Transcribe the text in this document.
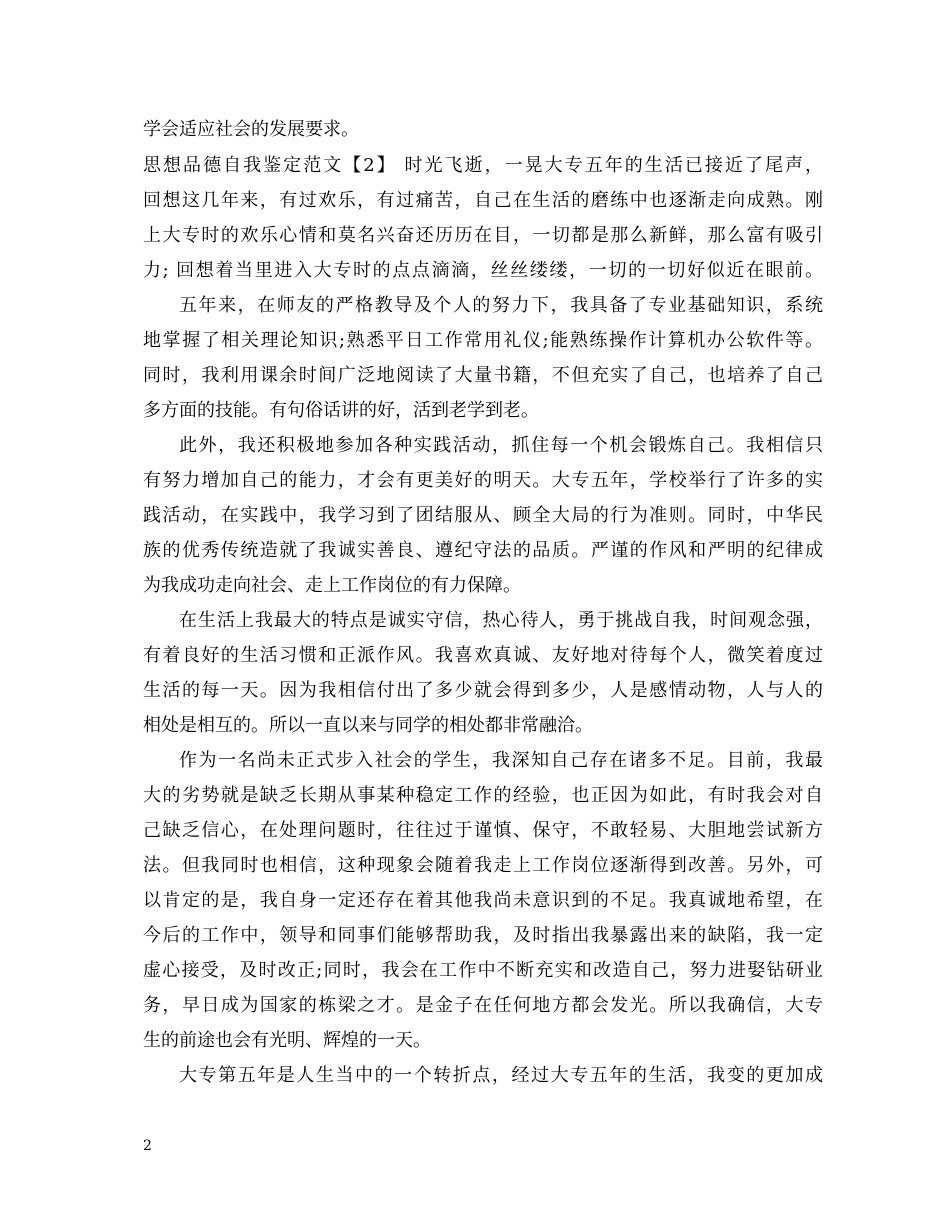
学会适应社会的发展要求。
思想品德自我鉴定范文【2】 时光飞逝，一晃大专五年的生活已接近了尾声，
回想这几年来，有过欢乐，有过痛苦，自己在生活的磨练中也逐渐走向成熟。刚
上大专时的欢乐心情和莫名兴奋还历历在目，一切都是那么新鲜，那么富有吸引
力; 回想着当里进入大专时的点点滴滴，丝丝缕缕，一切的一切好似近在眼前。
五年来，在师友的严格教导及个人的努力下，我具备了专业基础知识，系统
地掌握了相关理论知识;熟悉平日工作常用礼仪;能熟练操作计算机办公软件等。
同时，我利用课余时间广泛地阅读了大量书籍，不但充实了自己，也培养了自己
多方面的技能。有句俗话讲的好，活到老学到老。
此外，我还积极地参加各种实践活动，抓住每一个机会锻炼自己。我相信只
有努力增加自己的能力，才会有更美好的明天。大专五年，学校举行了许多的实
践活动，在实践中，我学习到了团结服从、顾全大局的行为准则。同时，中华民
族的优秀传统造就了我诚实善良、遵纪守法的品质。严谨的作风和严明的纪律成
为我成功走向社会、走上工作岗位的有力保障。
在生活上我最大的特点是诚实守信，热心待人，勇于挑战自我，时间观念强，
有着良好的生活习惯和正派作风。我喜欢真诚、友好地对待每个人，微笑着度过
生活的每一天。因为我相信付出了多少就会得到多少，人是感情动物，人与人的
相处是相互的。所以一直以来与同学的相处都非常融洽。
作为一名尚未正式步入社会的学生，我深知自己存在诸多不足。目前，我最
大的劣势就是缺乏长期从事某种稳定工作的经验，也正因为如此，有时我会对自
己缺乏信心，在处理问题时，往往过于谨慎、保守，不敢轻易、大胆地尝试新方
法。但我同时也相信，这种现象会随着我走上工作岗位逐渐得到改善。另外，可
以肯定的是，我自身一定还存在着其他我尚未意识到的不足。我真诚地希望，在
今后的工作中，领导和同事们能够帮助我，及时指出我暴露出来的缺陷，我一定
虚心接受，及时改正;同时，我会在工作中不断充实和改造自己，努力进娶钻研业
务，早日成为国家的栋梁之才。是金子在任何地方都会发光。所以我确信，大专
生的前途也会有光明、辉煌的一天。
大专第五年是人生当中的一个转折点，经过大专五年的生活，我变的更加成
2
